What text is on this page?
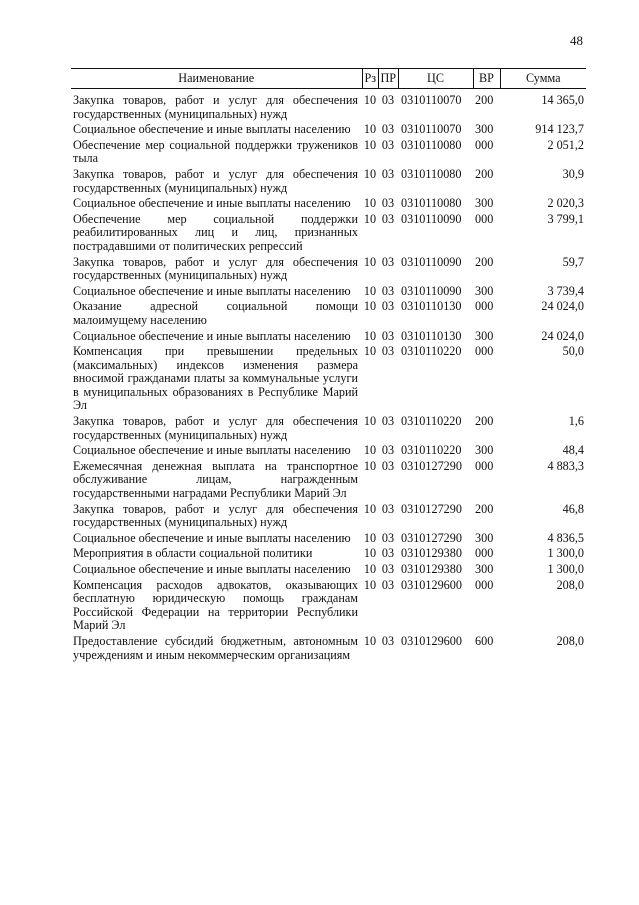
48
Наименование	Рз	ПР	ЦС	ВР	Сумма
Закупка товаров, работ и услуг для обеспечения государственных (муниципальных) нужд	10	03	0310110070	200	14 365,0
Социальное обеспечение и иные выплаты населению	10	03	0310110070	300	914 123,7
Обеспечение мер социальной поддержки тружеников тыла	10	03	0310110080	000	2 051,2
Закупка товаров, работ и услуг для обеспечения государственных (муниципальных) нужд	10	03	0310110080	200	30,9
Социальное обеспечение и иные выплаты населению	10	03	0310110080	300	2 020,3
Обеспечение мер социальной поддержки реабилитированных лиц и лиц, признанных пострадавшими от политических репрессий	10	03	0310110090	000	3 799,1
Закупка товаров, работ и услуг для обеспечения государственных (муниципальных) нужд	10	03	0310110090	200	59,7
Социальное обеспечение и иные выплаты населению	10	03	0310110090	300	3 739,4
Оказание адресной социальной помощи малоимущему населению	10	03	0310110130	000	24 024,0
Социальное обеспечение и иные выплаты населению	10	03	0310110130	300	24 024,0
Компенсация при превышении предельных (максимальных) индексов изменения размера вносимой гражданами платы за коммунальные услуги в муниципальных образованиях в Республике Марий Эл	10	03	0310110220	000	50,0
Закупка товаров, работ и услуг для обеспечения государственных (муниципальных) нужд	10	03	0310110220	200	1,6
Социальное обеспечение и иные выплаты населению	10	03	0310110220	300	48,4
Ежемесячная денежная выплата на транспортное обслуживание лицам, награжденным государственными наградами Республики Марий Эл	10	03	0310127290	000	4 883,3
Закупка товаров, работ и услуг для обеспечения государственных (муниципальных) нужд	10	03	0310127290	200	46,8
Социальное обеспечение и иные выплаты населению	10	03	0310127290	300	4 836,5
Мероприятия в области социальной политики	10	03	0310129380	000	1 300,0
Социальное обеспечение и иные выплаты населению	10	03	0310129380	300	1 300,0
Компенсация расходов адвокатов, оказывающих бесплатную юридическую помощь гражданам Российской Федерации на территории Республики Марий Эл	10	03	0310129600	000	208,0
Предоставление субсидий бюджетным, автономным учреждениям и иным некоммерческим организациям	10	03	0310129600	600	208,0
